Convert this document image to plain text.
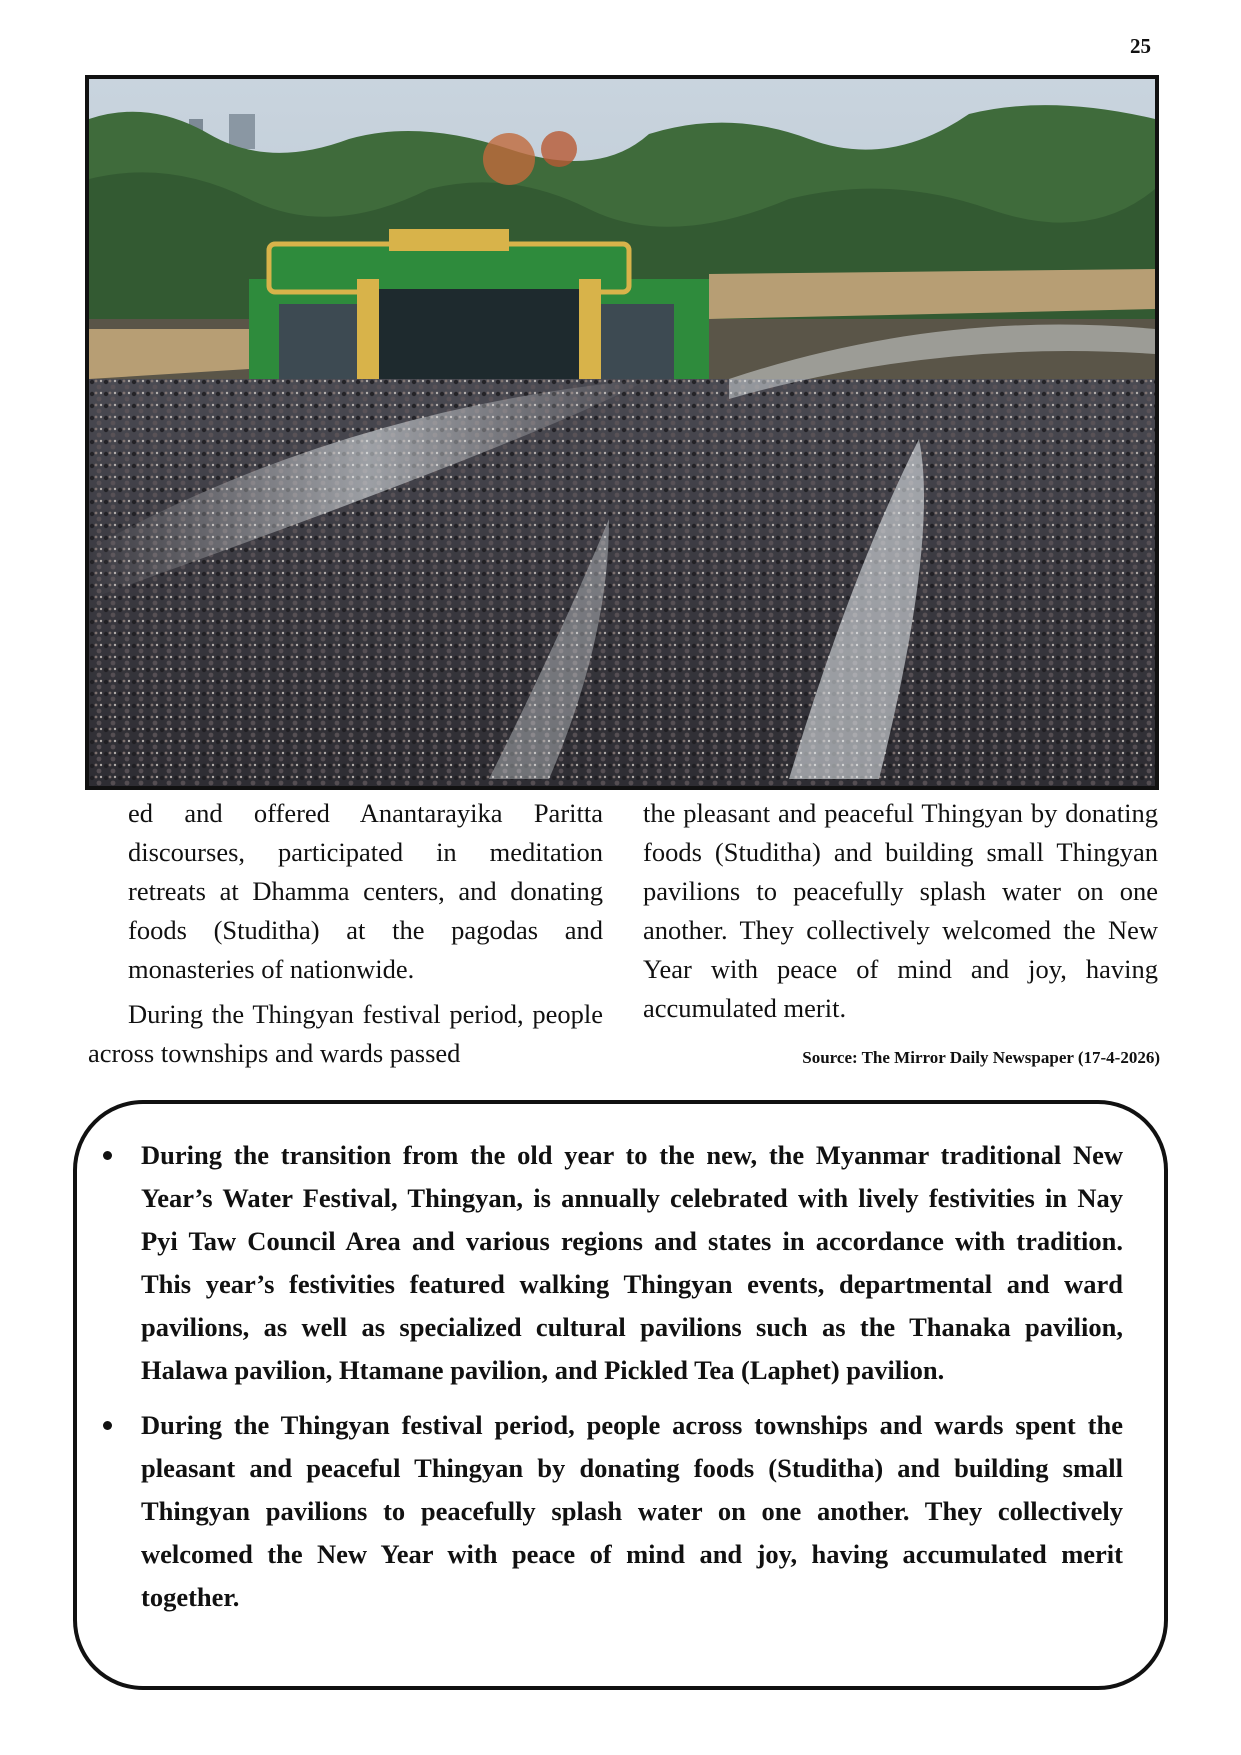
25

ed and offered Anantarayika Paritta discourses, participated in meditation retreats at Dhamma centers, and donating foods (Studitha) at the pagodas and monasteries of nationwide.

During the Thingyan festival period, people across townships and wards passed

the pleasant and peaceful Thingyan by donating foods (Studitha) and building small Thingyan pavilions to peacefully splash water on one another. They collectively welcomed the New Year with peace of mind and joy, having accumulated merit.

Source: The Mirror Daily Newspaper (17-4-2026)
During the transition from the old year to the new, the Myanmar traditional New Year’s Water Festival, Thingyan, is annually celebrated with lively festivities in Nay Pyi Taw Council Area and various regions and states in accordance with tradition. This year’s festivities featured walking Thingyan events, departmental and ward pavilions, as well as specialized cultural pavilions such as the Thanaka pavilion, Halawa pavilion, Htamane pavilion, and Pickled Tea (Laphet) pavilion.
During the Thingyan festival period, people across townships and wards spent the pleasant and peaceful Thingyan by donating foods (Studitha) and building small Thingyan pavilions to peacefully splash water on one another. They collectively welcomed the New Year with peace of mind and joy, having accumulated merit together.
